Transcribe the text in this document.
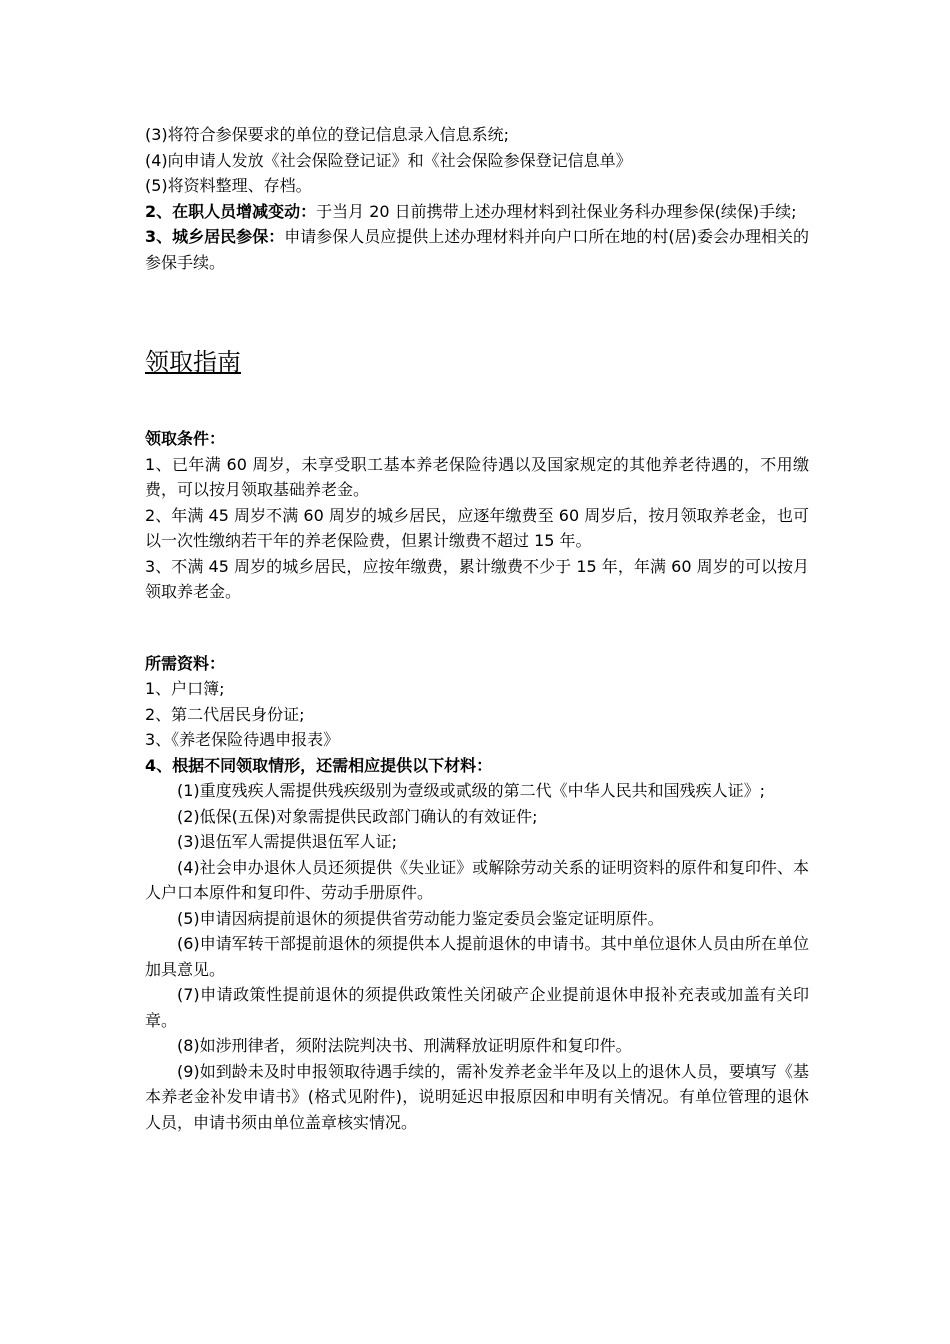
(3)将符合参保要求的单位的登记信息录入信息系统;
(4)向申请人发放《社会保险登记证》和《社会保险参保登记信息单》
(5)将资料整理、存档。
2、在职人员增减变动：于当月 20 日前携带上述办理材料到社保业务科办理参保(续保)手续;
3、城乡居民参保：申请参保人员应提供上述办理材料并向户口所在地的村(居)委会办理相关的参保手续。
领取指南
领取条件：
1、已年满 60 周岁，未享受职工基本养老保险待遇以及国家规定的其他养老待遇的，不用缴费，可以按月领取基础养老金。
2、年满 45 周岁不满 60 周岁的城乡居民，应逐年缴费至 60 周岁后，按月领取养老金，也可以一次性缴纳若干年的养老保险费，但累计缴费不超过 15 年。
3、不满 45 周岁的城乡居民，应按年缴费，累计缴费不少于 15 年，年满 60 周岁的可以按月领取养老金。
所需资料：
1、户口簿;
2、第二代居民身份证;
3、《养老保险待遇申报表》
4、根据不同领取情形，还需相应提供以下材料：
(1)重度残疾人需提供残疾级别为壹级或贰级的第二代《中华人民共和国残疾人证》;
(2)低保(五保)对象需提供民政部门确认的有效证件;
(3)退伍军人需提供退伍军人证;
(4)社会申办退休人员还须提供《失业证》或解除劳动关系的证明资料的原件和复印件、本人户口本原件和复印件、劳动手册原件。
(5)申请因病提前退休的须提供省劳动能力鉴定委员会鉴定证明原件。
(6)申请军转干部提前退休的须提供本人提前退休的申请书。其中单位退休人员由所在单位加具意见。
(7)申请政策性提前退休的须提供政策性关闭破产企业提前退休申报补充表或加盖有关印章。
(8)如涉刑律者，须附法院判决书、刑满释放证明原件和复印件。
(9)如到龄未及时申报领取待遇手续的，需补发养老金半年及以上的退休人员，要填写《基本养老金补发申请书》(格式见附件)，说明延迟申报原因和申明有关情况。有单位管理的退休人员，申请书须由单位盖章核实情况。
